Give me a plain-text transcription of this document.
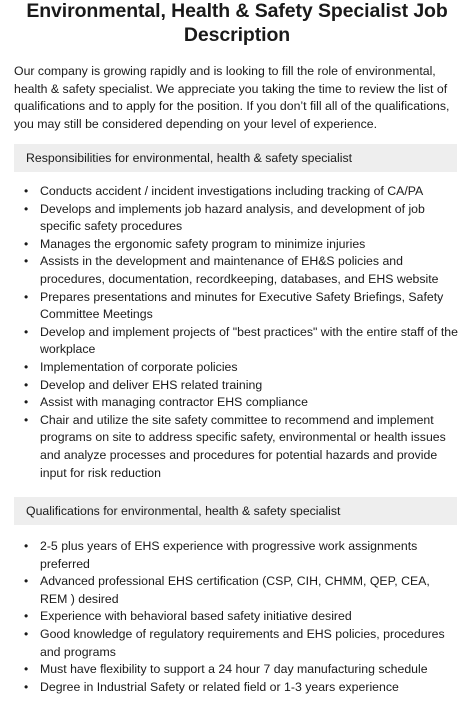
Environmental, Health & Safety Specialist Job Description

Our company is growing rapidly and is looking to fill the role of environmental, health & safety specialist. We appreciate you taking the time to review the list of qualifications and to apply for the position. If you don’t fill all of the qualifications, you may still be considered depending on your level of experience.

Responsibilities for environmental, health & safety specialist
• Conducts accident / incident investigations including tracking of CA/PA
• Develops and implements job hazard analysis, and development of job specific safety procedures
• Manages the ergonomic safety program to minimize injuries
• Assists in the development and maintenance of EH&S policies and procedures, documentation, recordkeeping, databases, and EHS website
• Prepares presentations and minutes for Executive Safety Briefings, Safety Committee Meetings
• Develop and implement projects of "best practices" with the entire staff of the workplace
• Implementation of corporate policies
• Develop and deliver EHS related training
• Assist with managing contractor EHS compliance
• Chair and utilize the site safety committee to recommend and implement programs on site to address specific safety, environmental or health issues and analyze processes and procedures for potential hazards and provide input for risk reduction
Qualifications for environmental, health & safety specialist
• 2-5 plus years of EHS experience with progressive work assignments preferred
• Advanced professional EHS certification (CSP, CIH, CHMM, QEP, CEA, REM ) desired
• Experience with behavioral based safety initiative desired
• Good knowledge of regulatory requirements and EHS policies, procedures and programs
• Must have flexibility to support a 24 hour 7 day manufacturing schedule
• Degree in Industrial Safety or related field or 1-3 years experience
